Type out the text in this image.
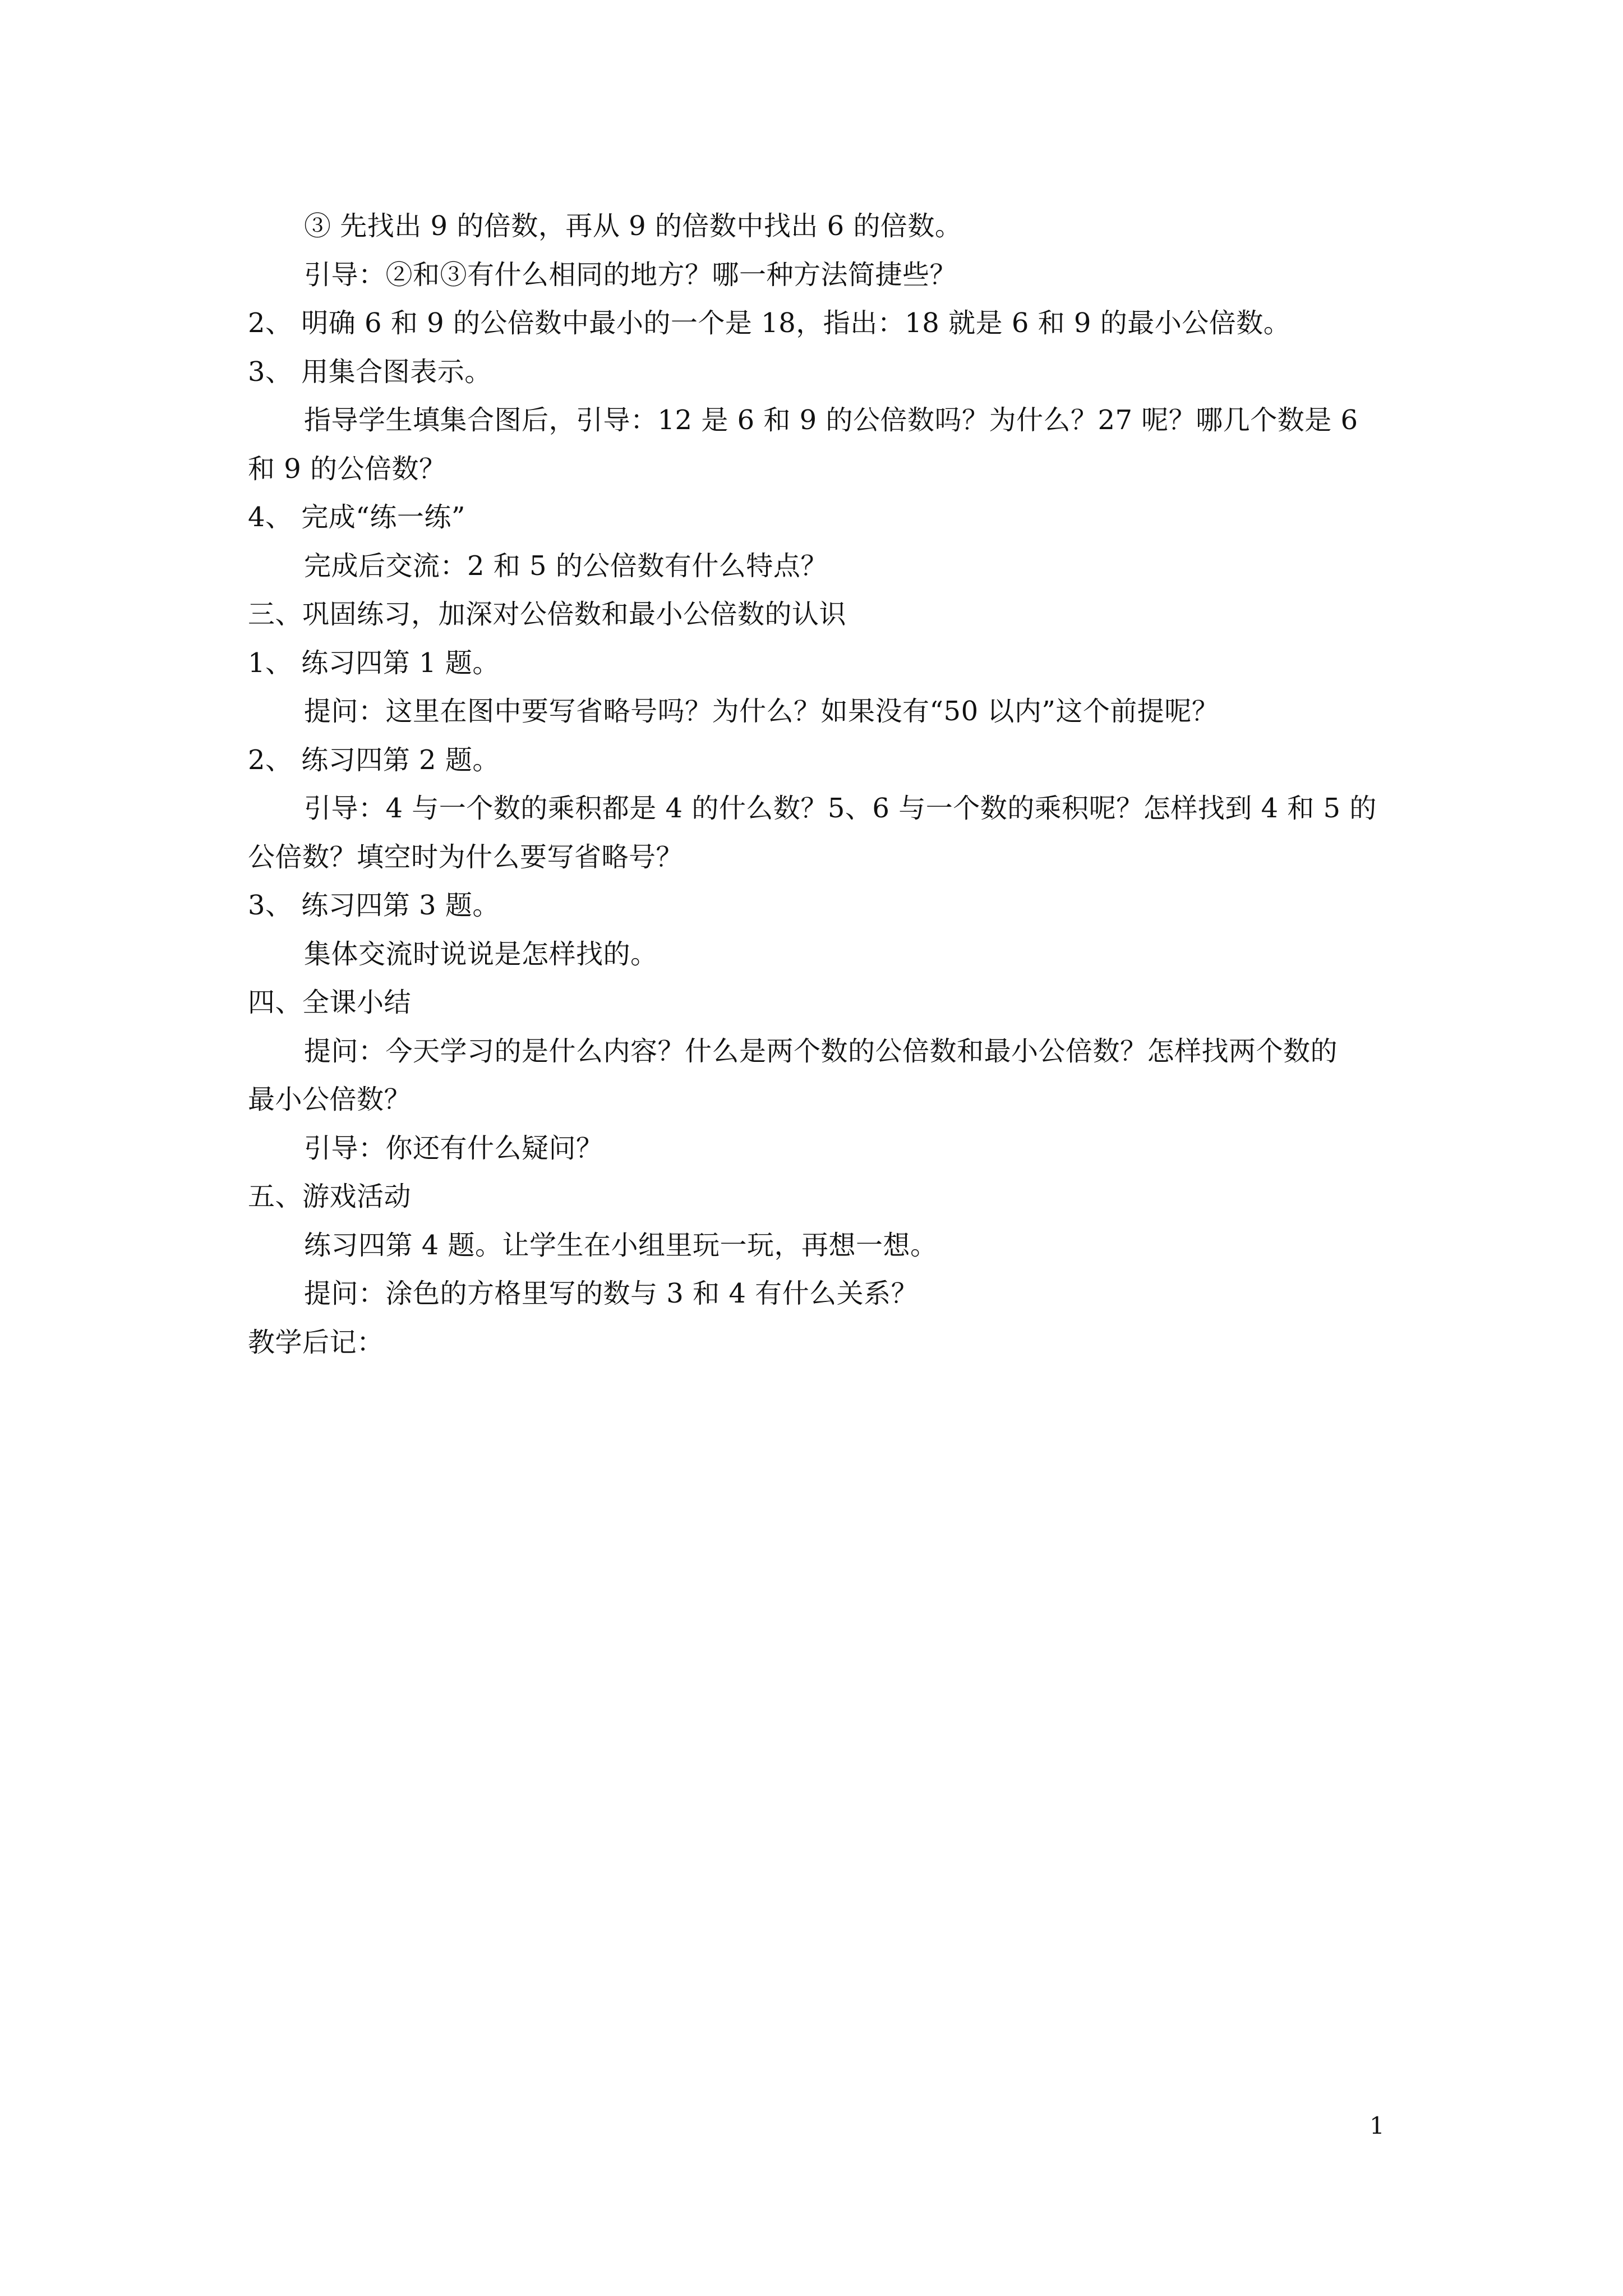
③ 先找出 9 的倍数，再从 9 的倍数中找出 6 的倍数。
引导：②和③有什么相同的地方？哪一种方法简捷些？
2、 明确 6 和 9 的公倍数中最小的一个是 18，指出：18 就是 6 和 9 的最小公倍数。
3、 用集合图表示。
指导学生填集合图后，引导：12 是 6 和 9 的公倍数吗？为什么？27 呢？哪几个数是 6
和 9 的公倍数？
4、 完成“练一练”
完成后交流：2 和 5 的公倍数有什么特点？
三、巩固练习，加深对公倍数和最小公倍数的认识
1、 练习四第 1 题。
提问：这里在图中要写省略号吗？为什么？如果没有“50 以内”这个前提呢？
2、 练习四第 2 题。
引导：4 与一个数的乘积都是 4 的什么数？5、6 与一个数的乘积呢？怎样找到 4 和 5 的
公倍数？填空时为什么要写省略号？
3、 练习四第 3 题。
集体交流时说说是怎样找的。
四、全课小结
提问：今天学习的是什么内容？什么是两个数的公倍数和最小公倍数？怎样找两个数的
最小公倍数？
引导：你还有什么疑问？
五、游戏活动
练习四第 4 题。让学生在小组里玩一玩，再想一想。
提问：涂色的方格里写的数与 3 和 4 有什么关系？
教学后记：
1
